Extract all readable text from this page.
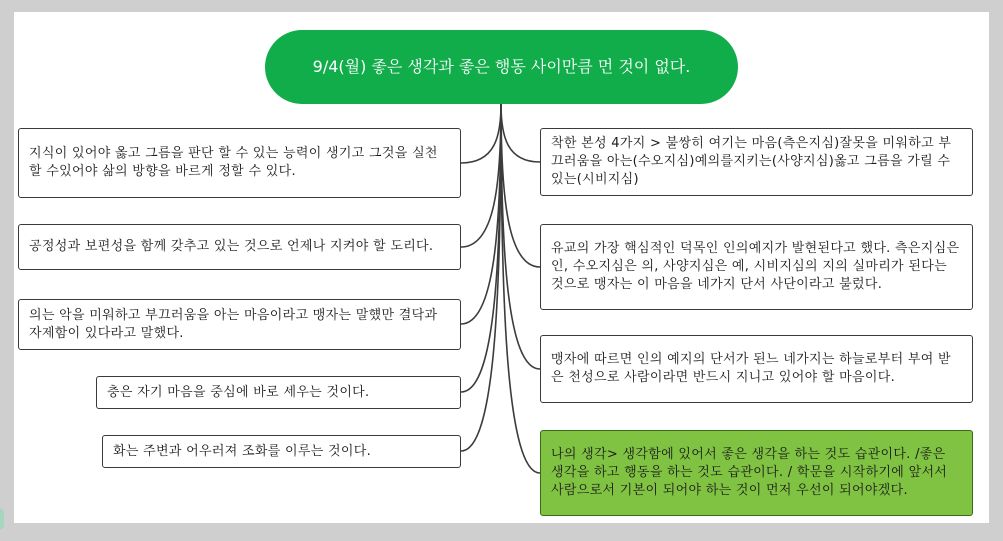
9/4(월) 좋은 생각과 좋은 행동 사이만큼 먼 것이 없다.
지식이 있어야 옳고 그름을 판단 할 수 있는 능력이 생기고 그것을 실천 할 수있어야 삶의 방향을 바르게 정할 수 있다.
공정성과 보편성을 함께 갖추고 있는 것으로 언제나 지켜야 할 도리다.
의는 악을 미워하고 부끄러움을 아는 마음이라고 맹자는 말헀만 결닥과 자제함이 있다라고 말했다.
충은 자기 마음을 중심에 바로 세우는 것이다.
화는 주변과 어우러져 조화를 이루는 것이다.
착한 본성 4가지 > 불쌍히 여기는 마음(측은지심)잘못을 미워하고 부끄러움을 아는(수오지심)예의를지키는(사양지심)옳고 그름을 가릴 수 있는(시비지심)
유교의 가장 핵심적인 덕목인 인의예지가 발현된다고 했다. 측은지심은 인, 수오지심은 의, 사양지심은 예, 시비지심의 지의 실마리가 된다는 것으로 맹자는 이 마음을 네가지 단서 사단이라고 불렀다.
맹자에 따르면 인의 예지의 단서가 된느 네가지는 하늘로부터 부여 받은 천성으로 사람이라면 반드시 지니고 있어야 할 마음이다.
나의 생각> 생각함에 있어서 좋은 생각을 하는 것도 습관이다. /좋은 생각을 하고 행동을 하는 것도 습관이다. / 학문을 시작하기에 앞서서 사람으로서 기본이 되어야 하는 것이 먼저 우선이 되어야겠다.
